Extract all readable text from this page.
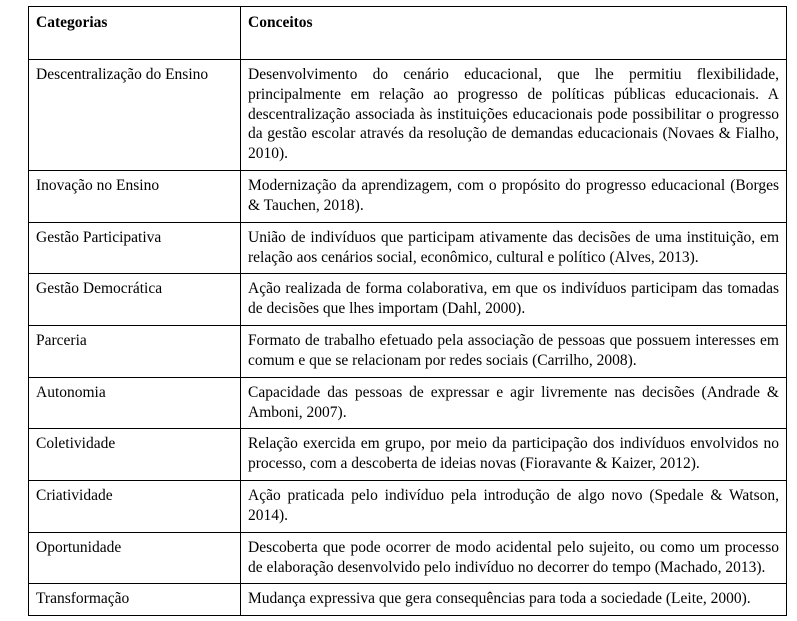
Categorias	Conceitos
Descentralização do Ensino	Desenvolvimento do cenário educacional, que lhe permitiu flexibilidade, principalmente em relação ao progresso de políticas públicas educacionais. A descentralização associada às instituições educacionais pode possibilitar o progresso da gestão escolar através da resolução de demandas educacionais (Novaes & Fialho, 2010).
Inovação no Ensino	Modernização da aprendizagem, com o propósito do progresso educacional (Borges & Tauchen, 2018).
Gestão Participativa	União de indivíduos que participam ativamente das decisões de uma instituição, em relação aos cenários social, econômico, cultural e político (Alves, 2013).
Gestão Democrática	Ação realizada de forma colaborativa, em que os indivíduos participam das tomadas de decisões que lhes importam (Dahl, 2000).
Parceria	Formato de trabalho efetuado pela associação de pessoas que possuem interesses em comum e que se relacionam por redes sociais (Carrilho, 2008).
Autonomia	Capacidade das pessoas de expressar e agir livremente nas decisões (Andrade & Amboni, 2007).
Coletividade	Relação exercida em grupo, por meio da participação dos indivíduos envolvidos no processo, com a descoberta de ideias novas (Fioravante & Kaizer, 2012).
Criatividade	Ação praticada pelo indivíduo pela introdução de algo novo (Spedale & Watson, 2014).
Oportunidade	Descoberta que pode ocorrer de modo acidental pelo sujeito, ou como um processo de elaboração desenvolvido pelo indivíduo no decorrer do tempo (Machado, 2013).
Transformação	Mudança expressiva que gera consequências para toda a sociedade (Leite, 2000).
